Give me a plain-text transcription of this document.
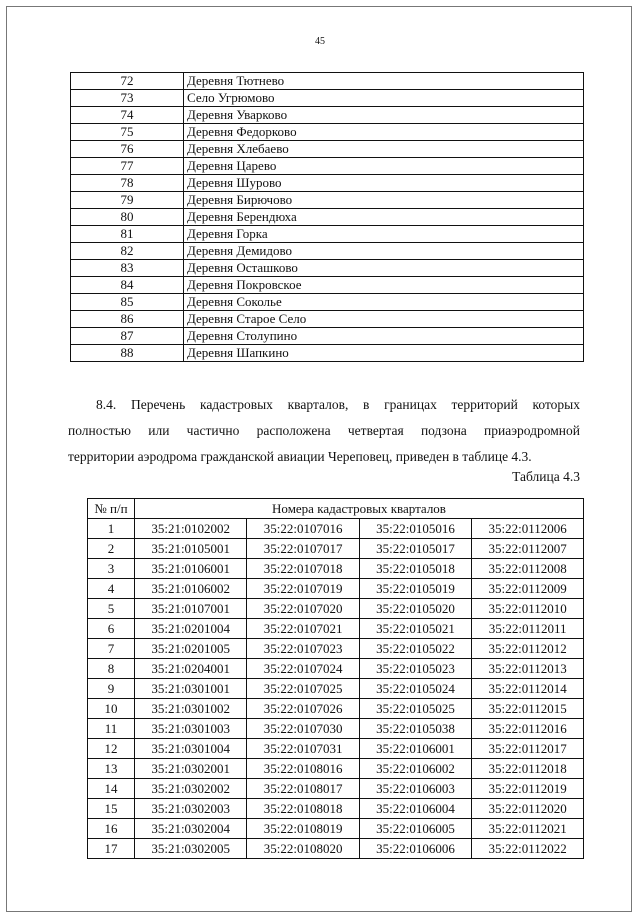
45
72	Деревня Тютнево
73	Село Угрюмово
74	Деревня Уварково
75	Деревня Федорково
76	Деревня Хлебаево
77	Деревня Царево
78	Деревня Шурово
79	Деревня Бирючово
80	Деревня Берендюха
81	Деревня Горка
82	Деревня Демидово
83	Деревня Осташково
84	Деревня Покровское
85	Деревня Соколье
86	Деревня Старое Село
87	Деревня Столупино
88	Деревня Шапкино
8.4. Перечень кадастровых кварталов, в границах территорий которых
полностью или частично расположена четвертая подзона приаэродромной
территории аэродрома гражданской авиации Череповец, приведен в таблице 4.3.
Таблица 4.3
№ п/п	Номера кадастровых кварталов			
1	35:21:0102002	35:22:0107016	35:22:0105016	35:22:0112006
2	35:21:0105001	35:22:0107017	35:22:0105017	35:22:0112007
3	35:21:0106001	35:22:0107018	35:22:0105018	35:22:0112008
4	35:21:0106002	35:22:0107019	35:22:0105019	35:22:0112009
5	35:21:0107001	35:22:0107020	35:22:0105020	35:22:0112010
6	35:21:0201004	35:22:0107021	35:22:0105021	35:22:0112011
7	35:21:0201005	35:22:0107023	35:22:0105022	35:22:0112012
8	35:21:0204001	35:22:0107024	35:22:0105023	35:22:0112013
9	35:21:0301001	35:22:0107025	35:22:0105024	35:22:0112014
10	35:21:0301002	35:22:0107026	35:22:0105025	35:22:0112015
11	35:21:0301003	35:22:0107030	35:22:0105038	35:22:0112016
12	35:21:0301004	35:22:0107031	35:22:0106001	35:22:0112017
13	35:21:0302001	35:22:0108016	35:22:0106002	35:22:0112018
14	35:21:0302002	35:22:0108017	35:22:0106003	35:22:0112019
15	35:21:0302003	35:22:0108018	35:22:0106004	35:22:0112020
16	35:21:0302004	35:22:0108019	35:22:0106005	35:22:0112021
17	35:21:0302005	35:22:0108020	35:22:0106006	35:22:0112022
